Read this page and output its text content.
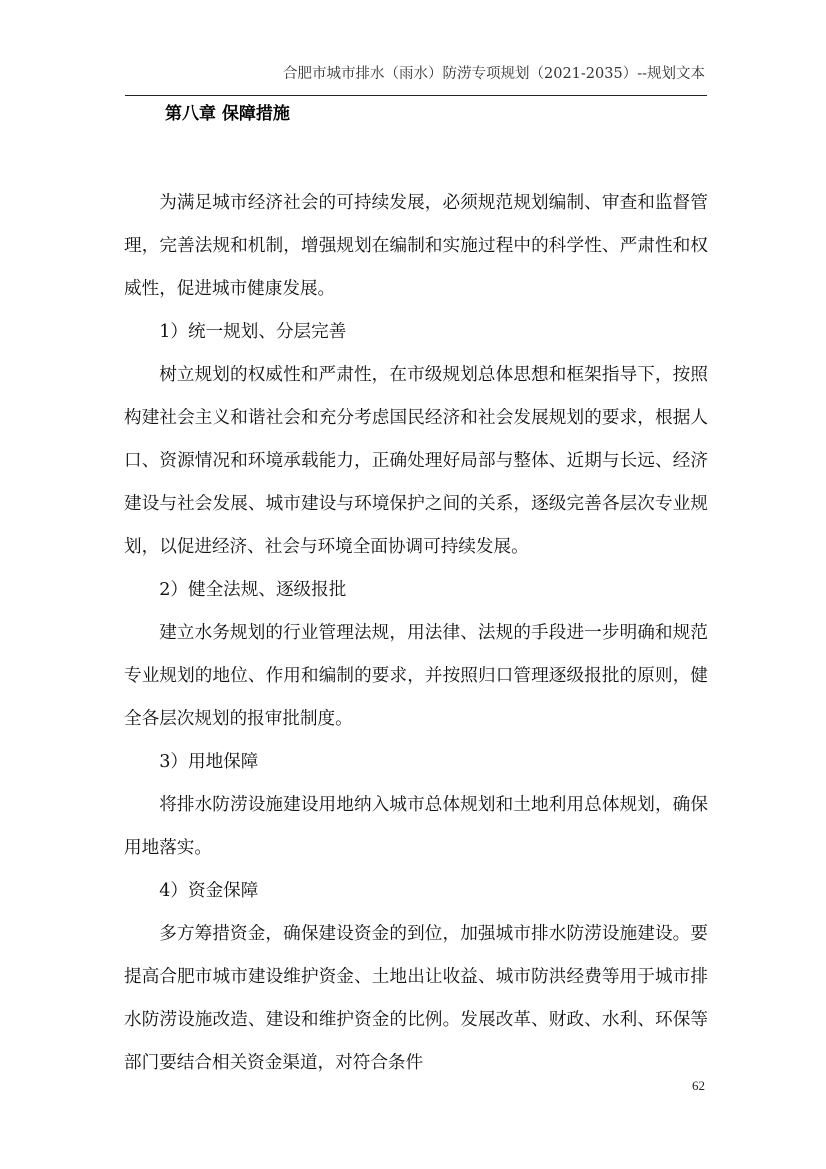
合肥市城市排水（雨水）防涝专项规划（2021-2035）--规划文本
第八章 保障措施

为满足城市经济社会的可持续发展，必须规范规划编制、审查和监督管理，完善法规和机制，增强规划在编制和实施过程中的科学性、严肃性和权威性，促进城市健康发展。

1）统一规划、分层完善

树立规划的权威性和严肃性，在市级规划总体思想和框架指导下，按照构建社会主义和谐社会和充分考虑国民经济和社会发展规划的要求，根据人口、资源情况和环境承载能力，正确处理好局部与整体、近期与长远、经济建设与社会发展、城市建设与环境保护之间的关系，逐级完善各层次专业规划，以促进经济、社会与环境全面协调可持续发展。

2）健全法规、逐级报批

建立水务规划的行业管理法规，用法律、法规的手段进一步明确和规范专业规划的地位、作用和编制的要求，并按照归口管理逐级报批的原则，健全各层次规划的报审批制度。

3）用地保障

将排水防涝设施建设用地纳入城市总体规划和土地利用总体规划，确保用地落实。

4）资金保障

多方筹措资金，确保建设资金的到位，加强城市排水防涝设施建设。要提高合肥市城市建设维护资金、土地出让收益、城市防洪经费等用于城市排水防涝设施改造、建设和维护资金的比例。发展改革、财政、水利、环保等部门要结合相关资金渠道，对符合条件

62
